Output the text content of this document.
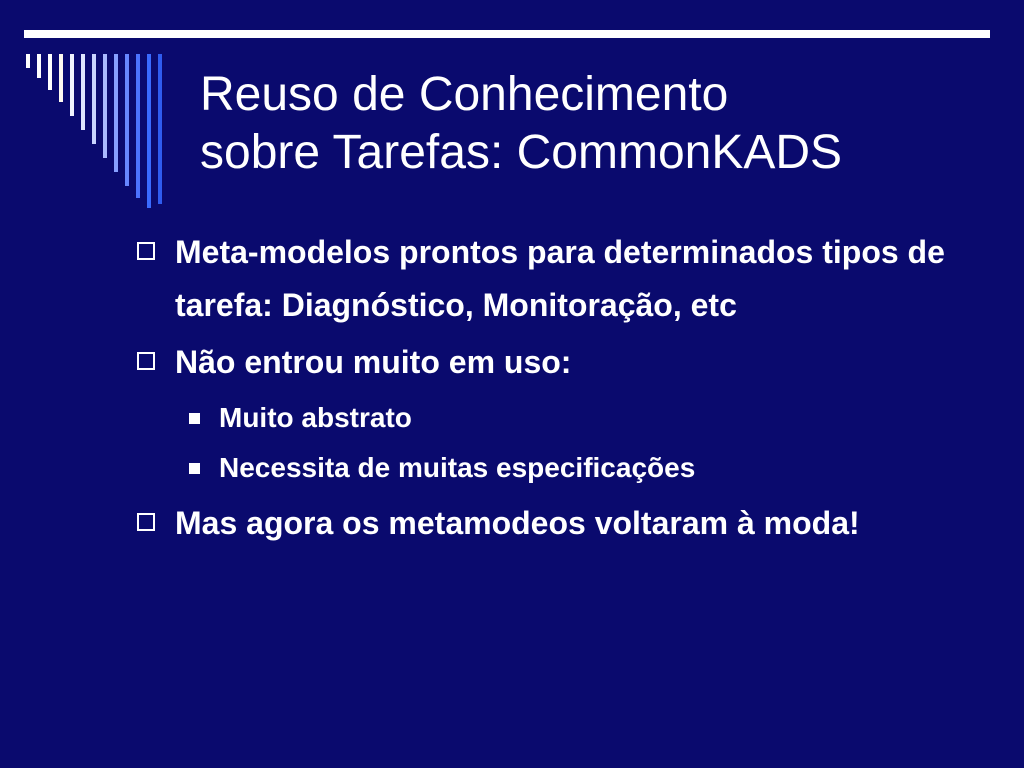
Reuso de Conhecimento
sobre Tarefas: CommonKADS
Meta-modelos prontos para determinados tipos de tarefa: Diagnóstico, Monitoração, etc
Não entrou muito em uso:
Muito abstrato
Necessita de muitas especificações
Mas agora os metamodeos voltaram à moda!
